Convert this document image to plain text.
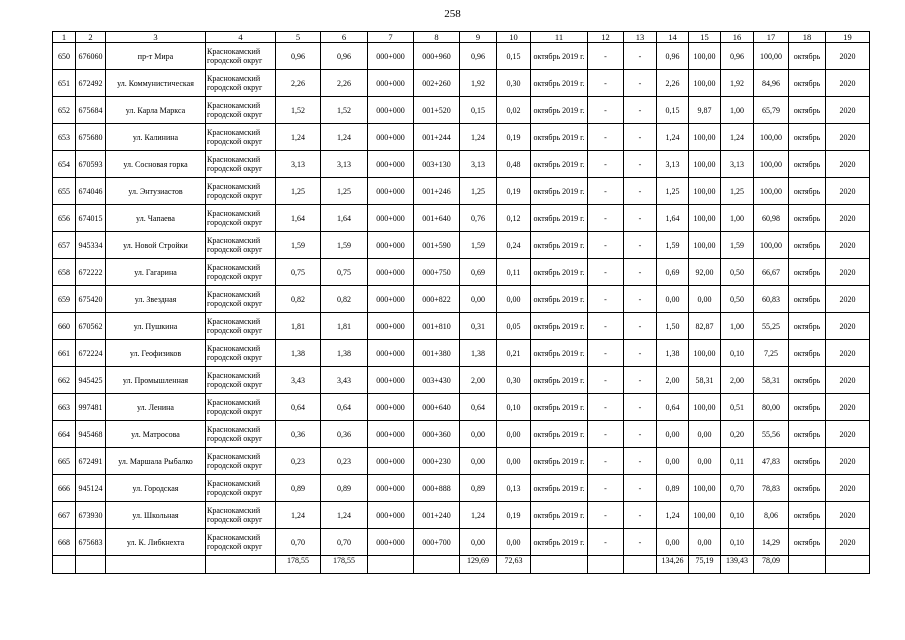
258
1	2	3	4	5	6	7	8	9	10	11	12	13	14	15	16	17	18	19
650	676060	пр-т Мира	Краснокамский городской округ	0,96	0,96	000+000	000+960	0,96	0,15	октябрь 2019 г.	-	-	0,96	100,00	0,96	100,00	октябрь	2020
651	672492	ул. Коммунистическая	Краснокамский городской округ	2,26	2,26	000+000	002+260	1,92	0,30	октябрь 2019 г.	-	-	2,26	100,00	1,92	84,96	октябрь	2020
652	675684	ул. Карла Маркса	Краснокамский городской округ	1,52	1,52	000+000	001+520	0,15	0,02	октябрь 2019 г.	-	-	0,15	9,87	1,00	65,79	октябрь	2020
653	675680	ул. Калинина	Краснокамский городской округ	1,24	1,24	000+000	001+244	1,24	0,19	октябрь 2019 г.	-	-	1,24	100,00	1,24	100,00	октябрь	2020
654	670593	ул. Сосновая горка	Краснокамский городской округ	3,13	3,13	000+000	003+130	3,13	0,48	октябрь 2019 г.	-	-	3,13	100,00	3,13	100,00	октябрь	2020
655	674046	ул. Энтузиастов	Краснокамский городской округ	1,25	1,25	000+000	001+246	1,25	0,19	октябрь 2019 г.	-	-	1,25	100,00	1,25	100,00	октябрь	2020
656	674015	ул. Чапаева	Краснокамский городской округ	1,64	1,64	000+000	001+640	0,76	0,12	октябрь 2019 г.	-	-	1,64	100,00	1,00	60,98	октябрь	2020
657	945334	ул. Новой Стройки	Краснокамский городской округ	1,59	1,59	000+000	001+590	1,59	0,24	октябрь 2019 г.	-	-	1,59	100,00	1,59	100,00	октябрь	2020
658	672222	ул. Гагарина	Краснокамский городской округ	0,75	0,75	000+000	000+750	0,69	0,11	октябрь 2019 г.	-	-	0,69	92,00	0,50	66,67	октябрь	2020
659	675420	ул. Звездная	Краснокамский городской округ	0,82	0,82	000+000	000+822	0,00	0,00	октябрь 2019 г.	-	-	0,00	0,00	0,50	60,83	октябрь	2020
660	670562	ул. Пушкина	Краснокамский городской округ	1,81	1,81	000+000	001+810	0,31	0,05	октябрь 2019 г.	-	-	1,50	82,87	1,00	55,25	октябрь	2020
661	672224	ул. Геофизиков	Краснокамский городской округ	1,38	1,38	000+000	001+380	1,38	0,21	октябрь 2019 г.	-	-	1,38	100,00	0,10	7,25	октябрь	2020
662	945425	ул. Промышленная	Краснокамский городской округ	3,43	3,43	000+000	003+430	2,00	0,30	октябрь 2019 г.	-	-	2,00	58,31	2,00	58,31	октябрь	2020
663	997481	ул. Ленина	Краснокамский городской округ	0,64	0,64	000+000	000+640	0,64	0,10	октябрь 2019 г.	-	-	0,64	100,00	0,51	80,00	октябрь	2020
664	945468	ул. Матросова	Краснокамский городской округ	0,36	0,36	000+000	000+360	0,00	0,00	октябрь 2019 г.	-	-	0,00	0,00	0,20	55,56	октябрь	2020
665	672491	ул. Маршала Рыбалко	Краснокамский городской округ	0,23	0,23	000+000	000+230	0,00	0,00	октябрь 2019 г.	-	-	0,00	0,00	0,11	47,83	октябрь	2020
666	945124	ул. Городская	Краснокамский городской округ	0,89	0,89	000+000	000+888	0,89	0,13	октябрь 2019 г.	-	-	0,89	100,00	0,70	78,83	октябрь	2020
667	673930	ул. Школьная	Краснокамский городской округ	1,24	1,24	000+000	001+240	1,24	0,19	октябрь 2019 г.	-	-	1,24	100,00	0,10	8,06	октябрь	2020
668	675683	ул. К. Либкнехта	Краснокамский городской округ	0,70	0,70	000+000	000+700	0,00	0,00	октябрь 2019 г.	-	-	0,00	0,00	0,10	14,29	октябрь	2020
				178,55	178,55			129,69	72,63				134,26	75,19	139,43	78,09		
